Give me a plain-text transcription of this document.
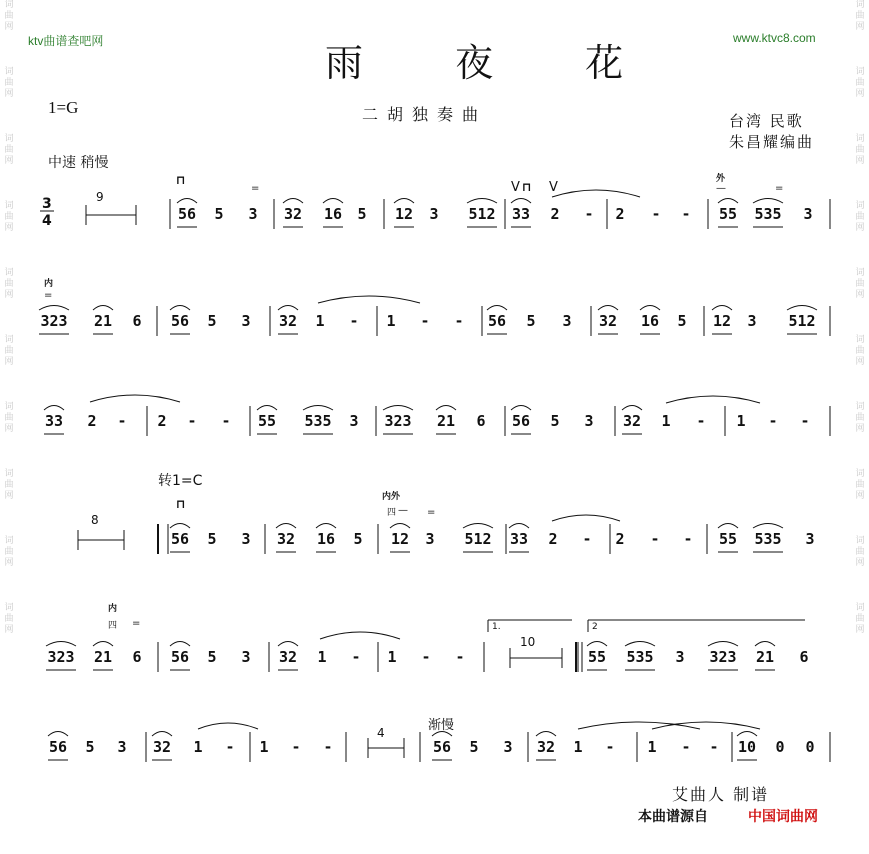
词
曲
网
词
曲
网
词
曲
网
词
曲
网
词
曲
网
词
曲
网
词
曲
网
词
曲
网
词
曲
网
词
曲
网
词
曲
网
词
曲
网
词
曲
网
词
曲
网
词
曲
网
词
曲
网
词
曲
网
词
曲
网
词
曲
网
词
曲
网
ktv曲谱查吧网	www.ktvc8.com
雨 夜 花
1=G	二胡独奏曲	台湾 民歌
朱昌耀编曲
中速 稍慢
3
4
9
8
10
4
转1=C
渐慢
1.	2
⊓
⊓
⊓
V V
外
内
内外
内
四
四
=	=
=
=
=
—
—
56 5 3 32 16 5 12 3 512 33 2 - 2 - - 55 535 3
323 21 6 56 5 3 32 1 - 1 - - 56 5 3 32 16 5 12 3 512
33 2 - 2 - - 55 535 3 323 21 6 56 5 3 32 1 - 1 - -
56 5 3 32 16 5 12 3 512 33 2 - 2 - - 55 535 3
323 21 6 56 5 3 32 1 - 1 - -	55 535 3 323 21 6
56 5 3 32 1 - 1 - -	56 5 3 32 1 - 1 - - 10 0 0
艾曲人 制谱
本曲谱源自	中国词曲网
